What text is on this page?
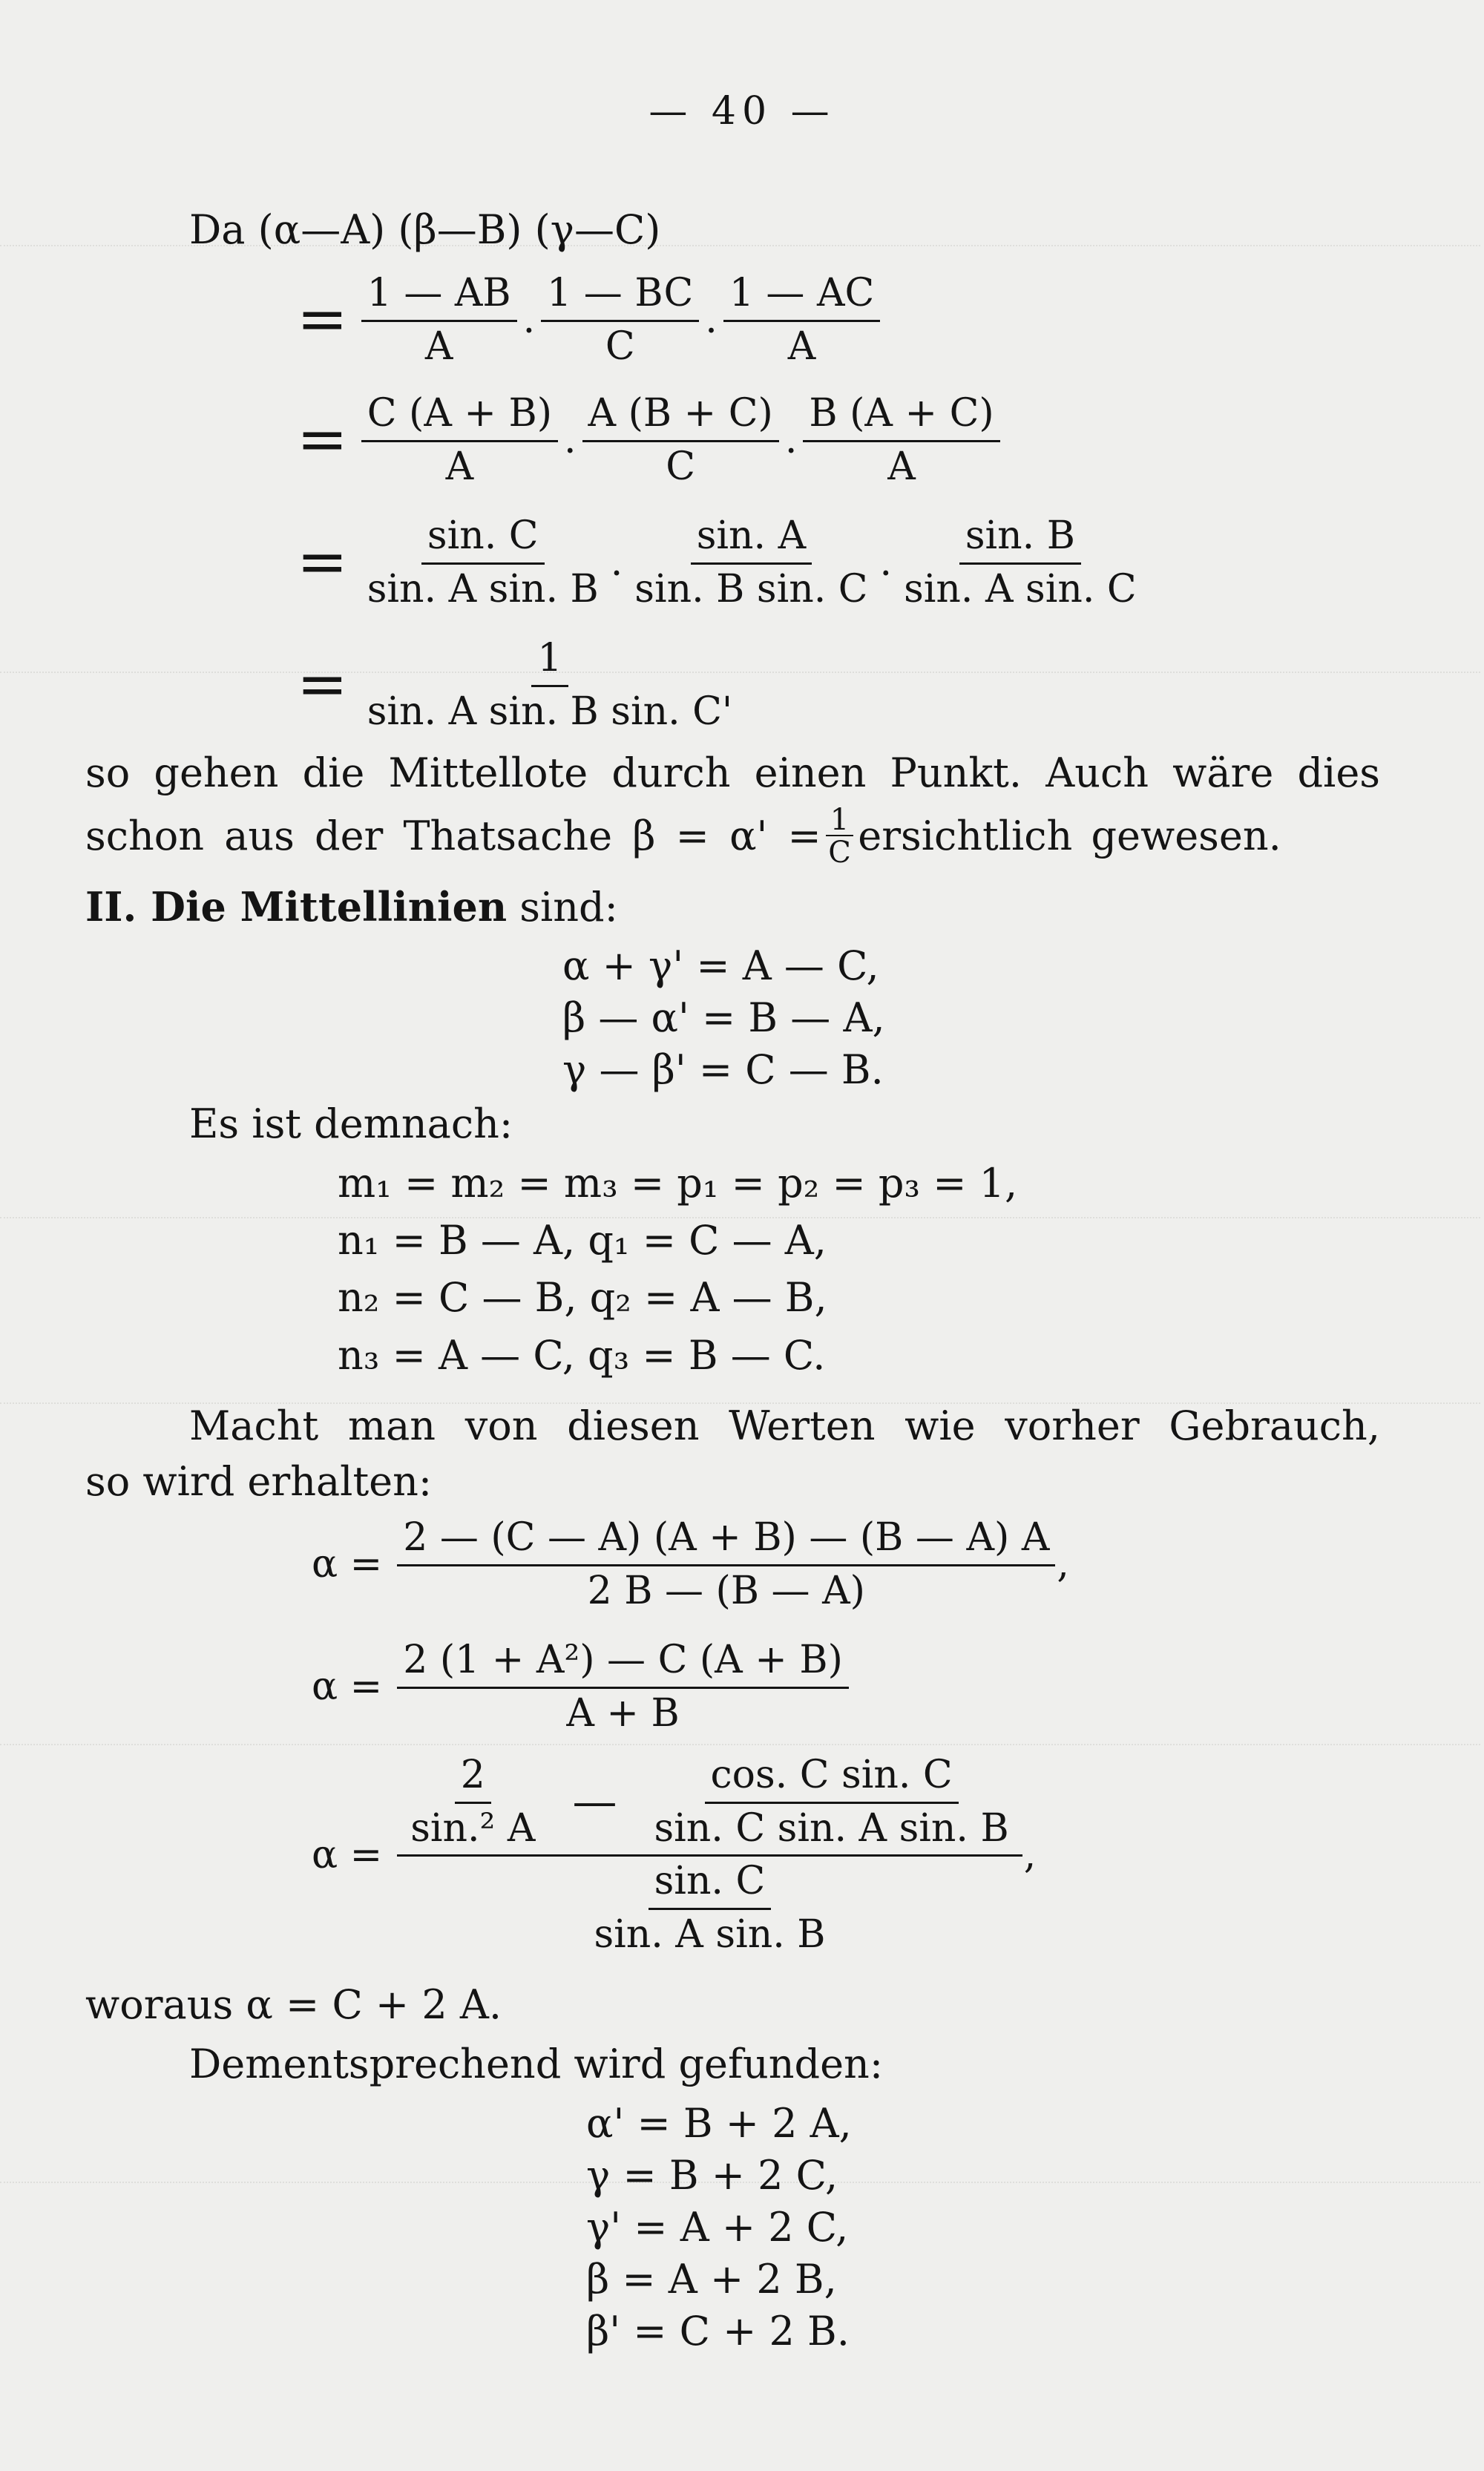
— 40 —
Da (α—A) (β—B) (γ—C)
= $\frac{1 — AB}{A}$ . $\frac{1 — BC}{C}$ . $\frac{1 — AC}{A}$
= $\frac{C (A + B)}{A}$ . $\frac{A (B + C)}{C}$ . $\frac{B (A + C)}{A}$
= $\frac{\sin. C}{\text{sin. A sin. B}}$ . $\frac{\sin. A}{\text{sin. B sin. C}}$ . $\frac{\sin. B}{\text{sin. A sin. C}}$
= $\frac{1}{\text{sin. A sin. B sin. C'}}$
so gehen die Mittellote durch einen Punkt. Auch wäre dies
schon aus der Thatsache $\beta = \alpha' = \frac{1}{C}$ ersichtlich gewesen.
II. Die Mittellinien sind:
α + γ' = A — C,
β — α' = B — A,
γ — β' = C — B.
Es ist demnach:
m₁ = m₂ = m₃ = p₁ = p₂ = p₃ = 1,
n₁ = B — A, q₁ = C — A,
n₂ = C — B, q₂ = A — B,
n₃ = A — C, q₃ = B — C.
Macht man von diesen Werten wie vorher Gebrauch,
so wird erhalten:
$\alpha = \frac{2 — (C — A) (A + B) — (B — A) A}{2 B — (B — A)}$ ,
$\alpha = \frac{\text{2 (1 + A²) — C (A + B)}}{A + B}$
$\alpha = \frac{\frac{2}{\text{sin.² A}} — \frac{\text{cos. C sin. C}}{\text{sin. C sin. A sin. B}}}{\frac{\sin. C}{\text{sin. A sin. B}}}$ ,
woraus α = C + 2 A.
Dementsprechend wird gefunden:
α' = B + 2 A,
γ = B + 2 C,
γ' = A + 2 C,
β = A + 2 B,
β' = C + 2 B.
